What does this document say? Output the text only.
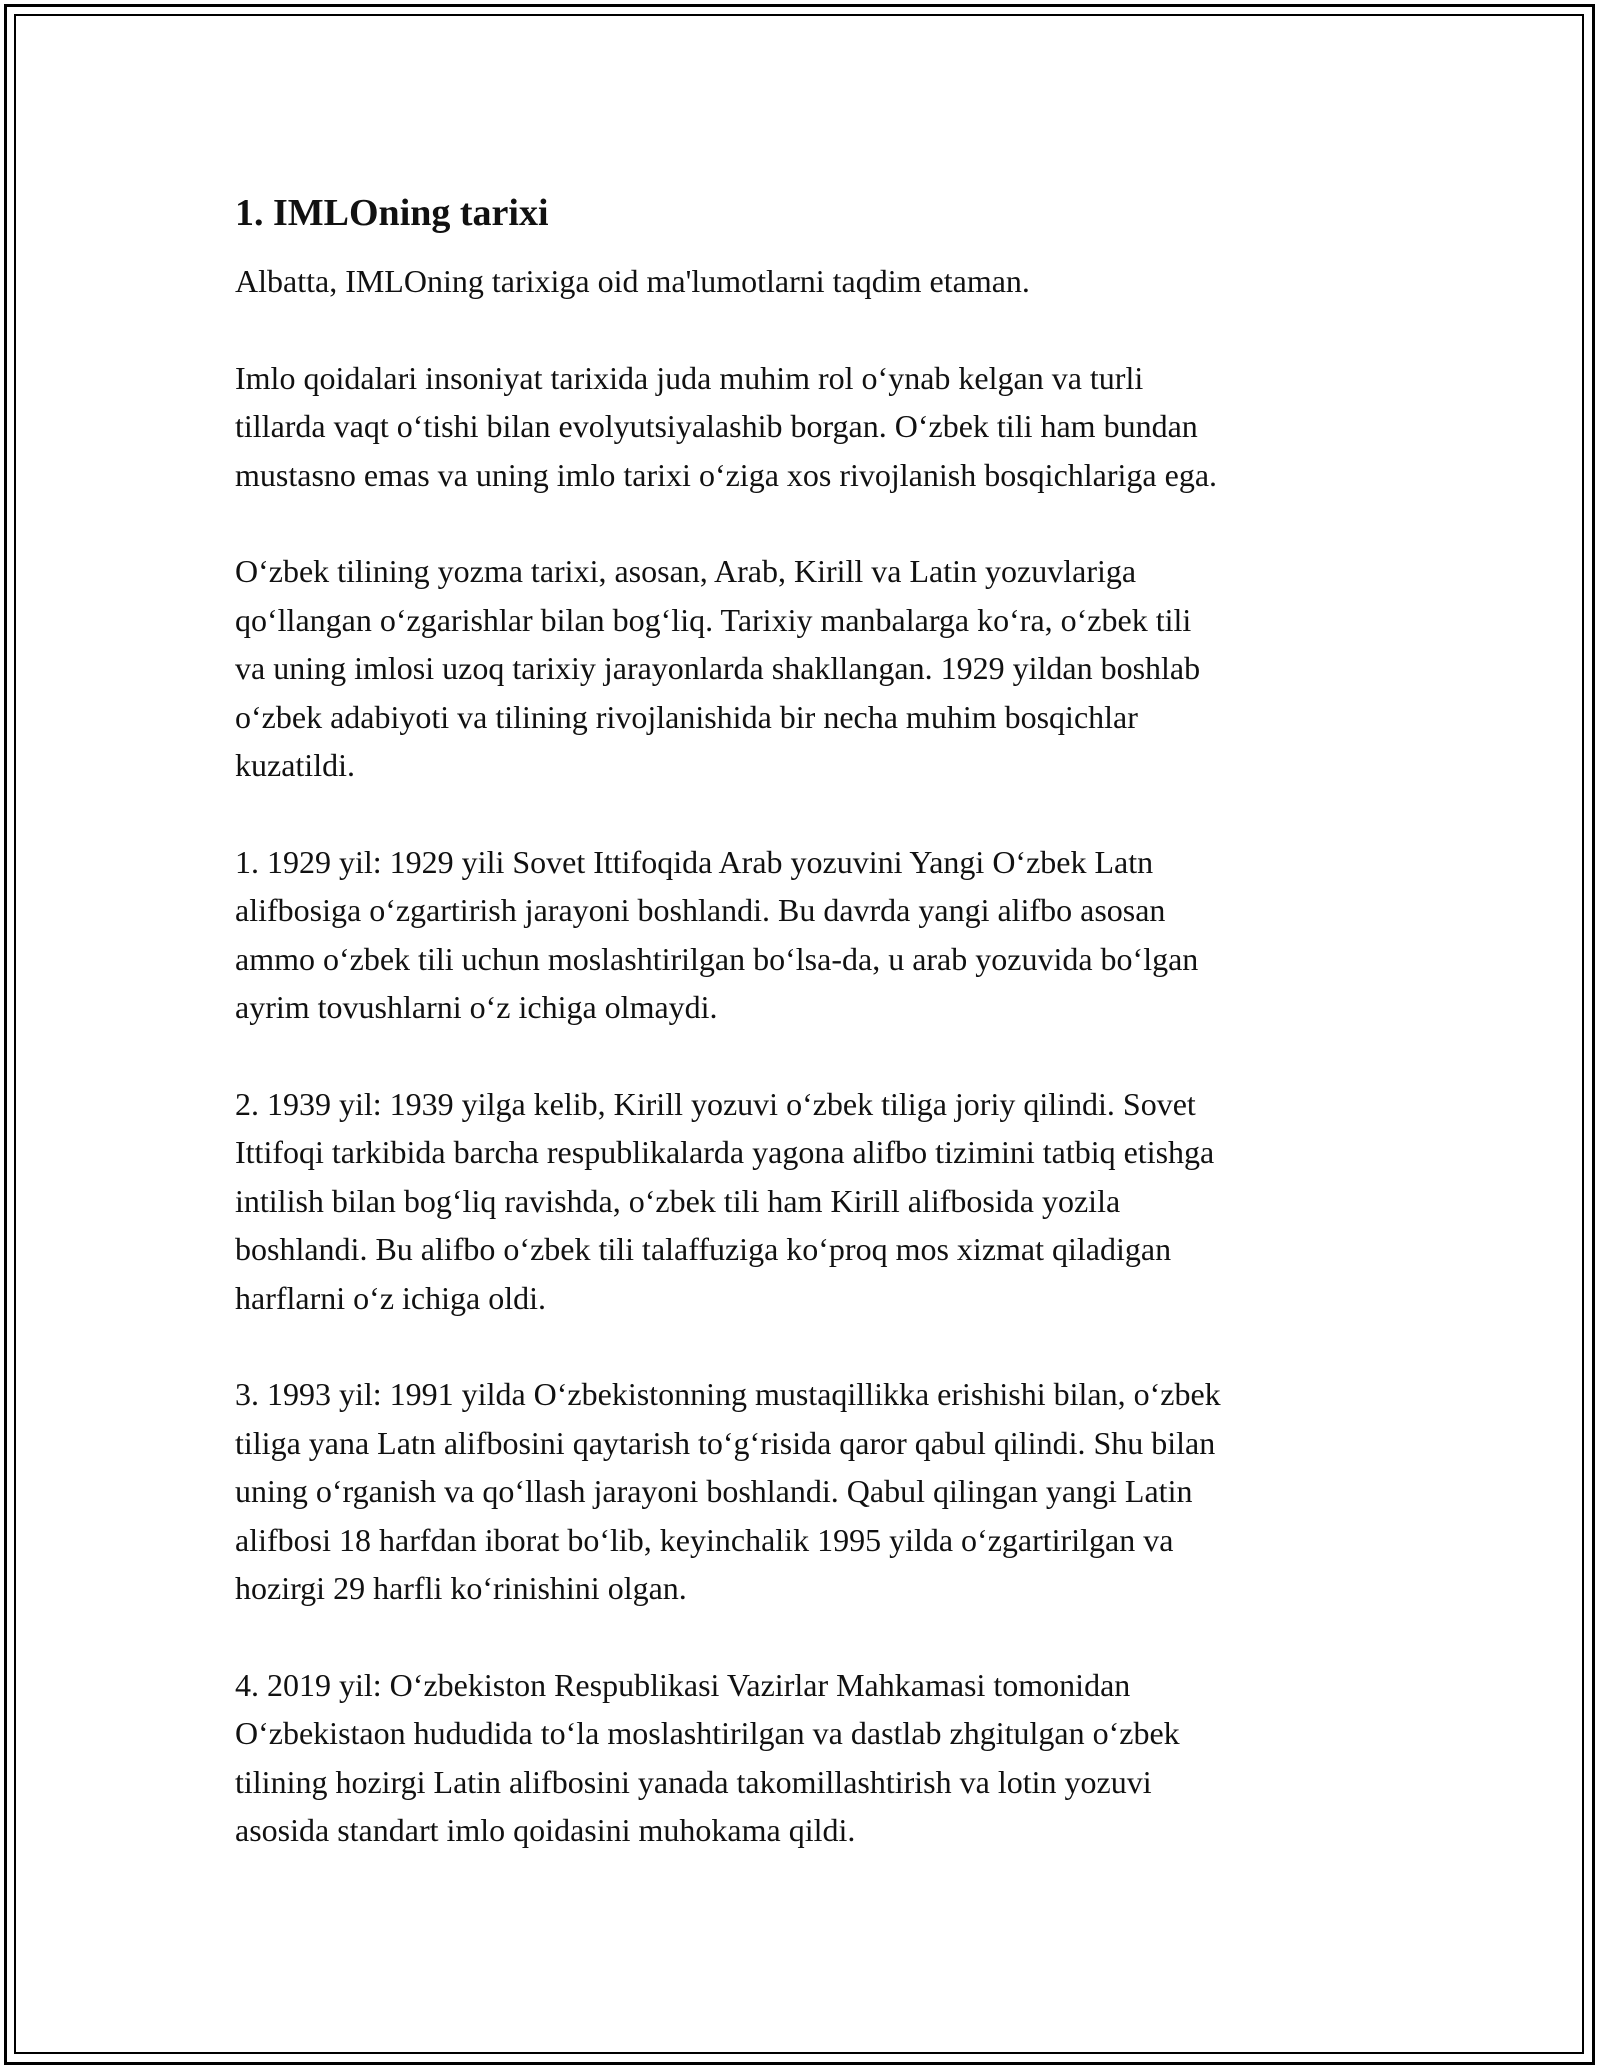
1. IMLOning tarixi

Albatta, IMLOning tarixiga oid ma'lumotlarni taqdim etaman.

Imlo qoidalari insoniyat tarixida juda muhim rol o‘ynab kelgan va turli
tillarda vaqt o‘tishi bilan evolyutsiyalashib borgan. O‘zbek tili ham bundan
mustasno emas va uning imlo tarixi o‘ziga xos rivojlanish bosqichlariga ega.

O‘zbek tilining yozma tarixi, asosan, Arab, Kirill va Latin yozuvlariga
qo‘llangan o‘zgarishlar bilan bog‘liq. Tarixiy manbalarga ko‘ra, o‘zbek tili
va uning imlosi uzoq tarixiy jarayonlarda shakllangan. 1929 yildan boshlab
o‘zbek adabiyoti va tilining rivojlanishida bir necha muhim bosqichlar
kuzatildi.

1. 1929 yil: 1929 yili Sovet Ittifoqida Arab yozuvini Yangi O‘zbek Latn
alifbosiga o‘zgartirish jarayoni boshlandi. Bu davrda yangi alifbo asosan
ammo o‘zbek tili uchun moslashtirilgan bo‘lsa-da, u arab yozuvida bo‘lgan
ayrim tovushlarni o‘z ichiga olmaydi.

2. 1939 yil: 1939 yilga kelib, Kirill yozuvi o‘zbek tiliga joriy qilindi. Sovet
Ittifoqi tarkibida barcha respublikalarda yagona alifbo tizimini tatbiq etishga
intilish bilan bog‘liq ravishda, o‘zbek tili ham Kirill alifbosida yozila
boshlandi. Bu alifbo o‘zbek tili talaffuziga ko‘proq mos xizmat qiladigan
harflarni o‘z ichiga oldi.

3. 1993 yil: 1991 yilda O‘zbekistonning mustaqillikka erishishi bilan, o‘zbek
tiliga yana Latn alifbosini qaytarish to‘g‘risida qaror qabul qilindi. Shu bilan
uning o‘rganish va qo‘llash jarayoni boshlandi. Qabul qilingan yangi Latin
alifbosi 18 harfdan iborat bo‘lib, keyinchalik 1995 yilda o‘zgartirilgan va
hozirgi 29 harfli ko‘rinishini olgan.

4. 2019 yil: O‘zbekiston Respublikasi Vazirlar Mahkamasi tomonidan
O‘zbekistaon hududida to‘la moslashtirilgan va dastlab zhgitulgan o‘zbek
tilining hozirgi Latin alifbosini yanada takomillashtirish va lotin yozuvi
asosida standart imlo qoidasini muhokama qildi.
